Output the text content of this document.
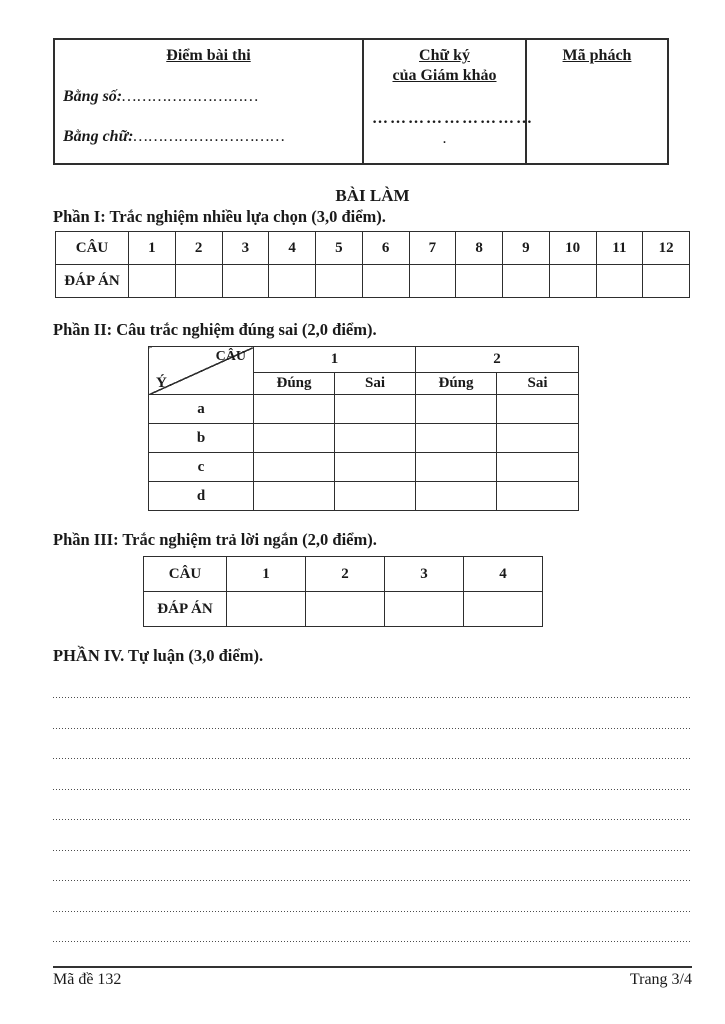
Điểm bài thi
Bằng số:………………………
Bằng chữ:…………………………

Chữ ký
của Giám khảo
………………………
.

Mã phách
BÀI LÀM
Phần I: Trắc nghiệm nhiều lựa chọn (3,0 điểm).
CÂU	1	2	3	4	5	6	7	8	9	10	11	12
ĐÁP ÁN												
Phần II: Câu trắc nghiệm đúng sai (2,0 điểm).
CÂU
Ý	1		2	
	Đúng	Sai	Đúng	Sai
a				
b				
c				
d				
Phần III: Trắc nghiệm trả lời ngắn (2,0 điểm).
CÂU	1	2	3	4
ĐÁP ÁN				
PHẦN IV. Tự luận (3,0 điểm).
Mã đề 132	Trang 3/4
